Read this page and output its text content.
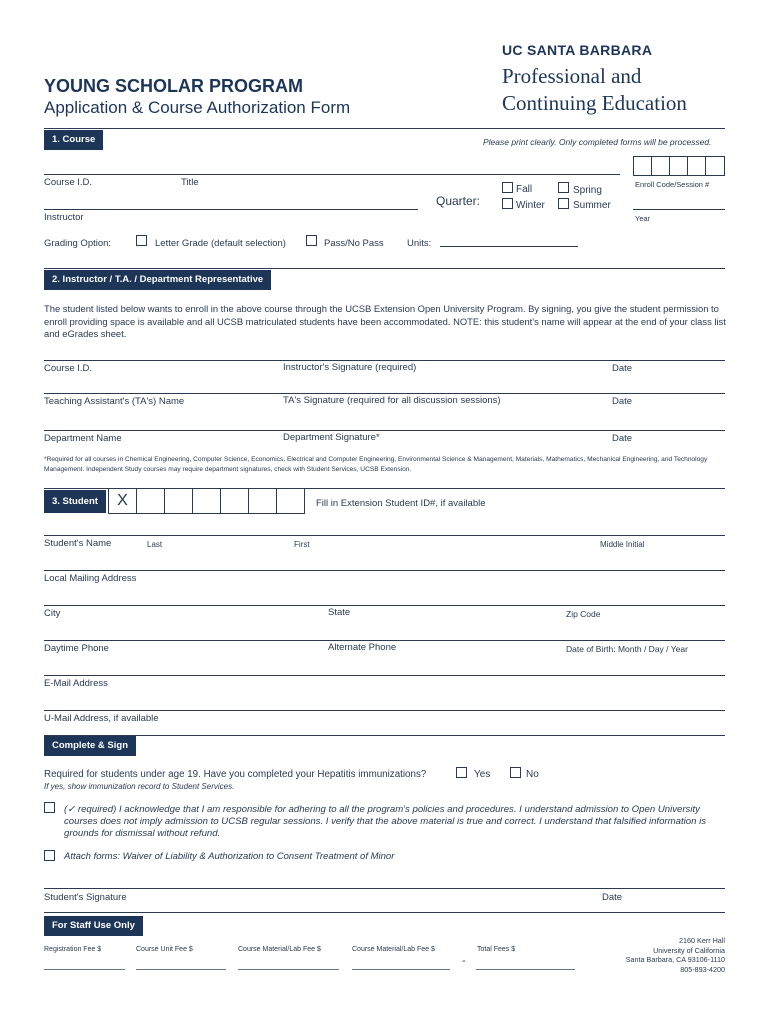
YOUNG SCHOLAR PROGRAM
Application & Course Authorization Form
UC SANTA BARBARA
Professional and
Continuing Education
1. Course	Please print clearly. Only completed forms will be processed.
Enroll Code/Session #
Course I.D.	Title
Quarter:
Fall	Spring
Winter	Summer
Instructor	Year
Grading Option:	Letter Grade (default selection)	Pass/No Pass Units:
2. Instructor / T.A. / Department Representative
The student listed below wants to enroll in the above course through the UCSB Extension Open University Program. By signing, you give the student permission to enroll providing space is available and all UCSB matriculated students have been accommodated. NOTE: this student's name will appear at the end of your class list and eGrades sheet.
Course I.D.	Instructor's Signature (required)	Date
Teaching Assistant's (TA's) Name	TA's Signature (required for all discussion sessions)	Date
Department Name	Department Signature*	Date
*Required for all courses in Chemical Engineering, Computer Science, Economics, Electrical and Computer Engineering, Environmental Science & Management, Materials, Mathematics, Mechanical Engineering, and Technology Management. Independent Study courses may require department signatures, check with Student Services, UCSB Extension.
3. Student	X	Fill in Extension Student ID#, if available
Student's Name	Last	First	Middle Initial
Local Mailing Address
City	State	Zip Code
Daytime Phone	Alternate Phone	Date of Birth: Month / Day / Year
E-Mail Address
U-Mail Address, if available
Complete & Sign
Required for students under age 19. Have you completed your Hepatitis immunizations?	Yes	No
If yes, show immunization record to Student Services.
(✓ required) I acknowledge that I am responsible for adhering to all the program's policies and procedures. I understand admission to Open University courses does not imply admission to UCSB regular sessions. I verify that the above material is true and correct. I understand that falsified information is grounds for dismissal without refund.
Attach forms: Waiver of Liability & Authorization to Consent Treatment of Minor
Student's Signature	Date
For Staff Use Only
Registration Fee $	Course Unit Fee $	Course Material/Lab Fee $	Course Material/Lab Fee $
-
Total Fees $
2160 Kerr Hall
University of California
Santa Barbara, CA 93106-1110
805-893-4200
